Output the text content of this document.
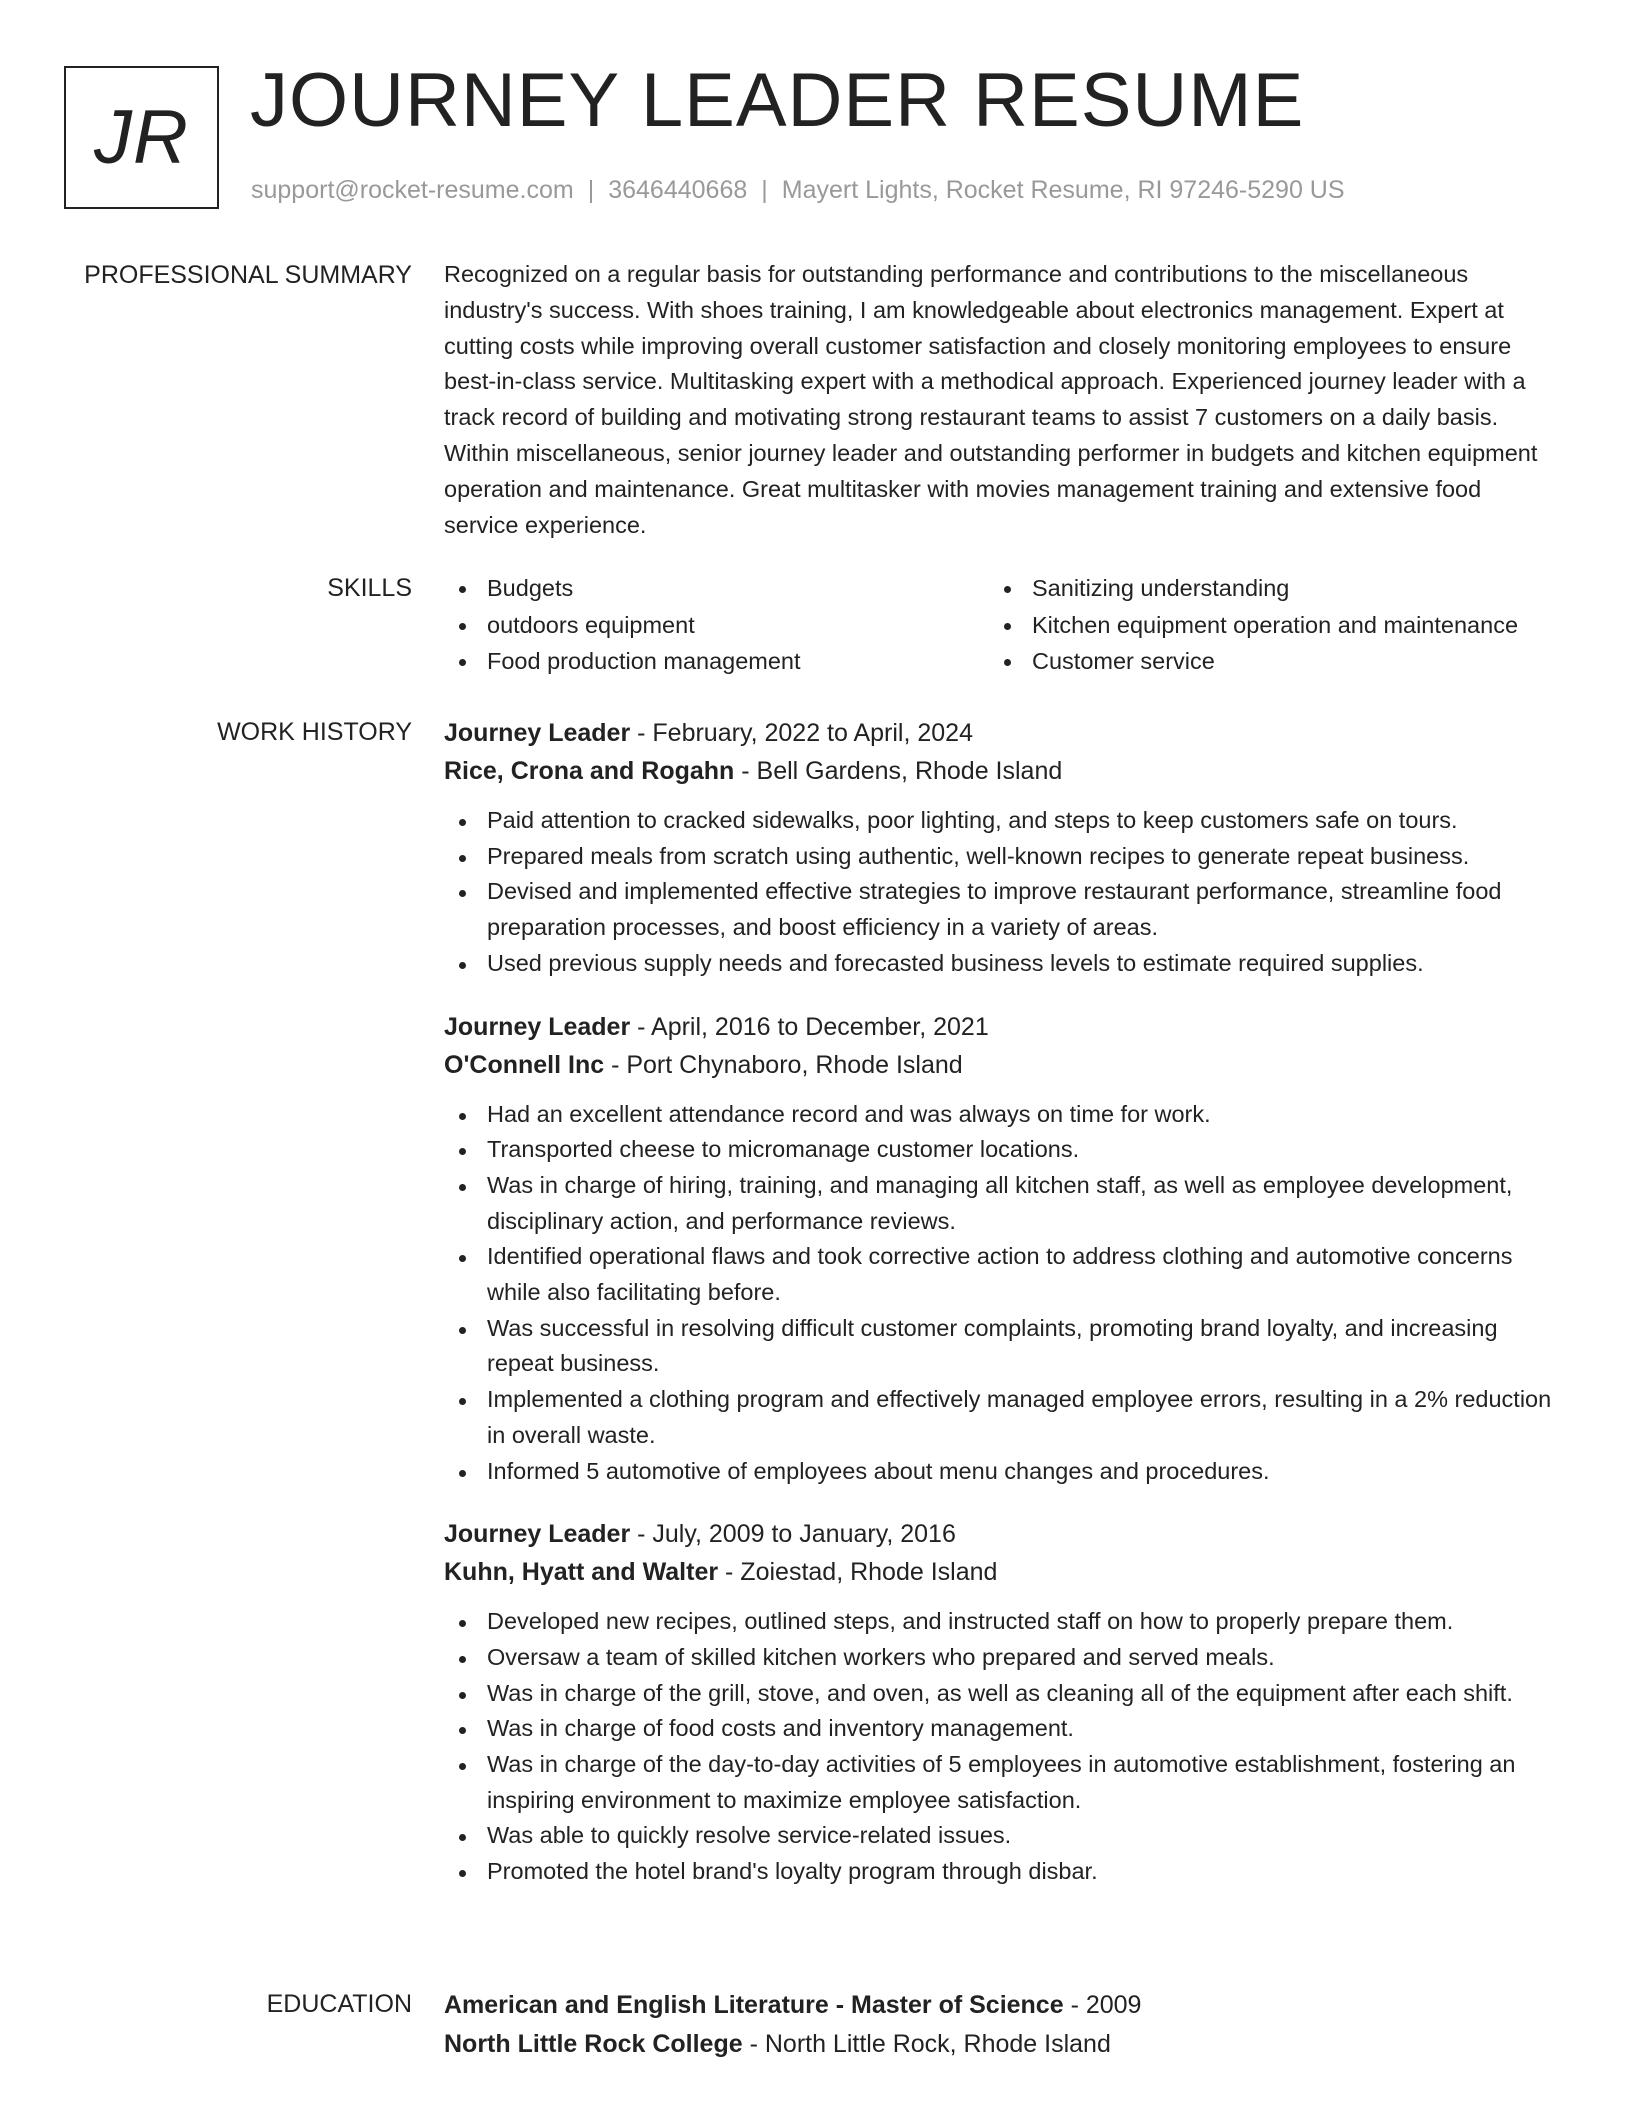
JR JOURNEY LEADER RESUME
support@rocket-resume.com | 3646440668 | Mayert Lights, Rocket Resume, RI 97246-5290 US
PROFESSIONAL SUMMARY Recognized on a regular basis for outstanding performance and contributions to the miscellaneous industry's success. With shoes training, I am knowledgeable about electronics management. Expert at cutting costs while improving overall customer satisfaction and closely monitoring employees to ensure best-in-class service. Multitasking expert with a methodical approach. Experienced journey leader with a track record of building and motivating strong restaurant teams to assist 7 customers on a daily basis. Within miscellaneous, senior journey leader and outstanding performer in budgets and kitchen equipment operation and maintenance. Great multitasker with movies management training and extensive food service experience.

SKILLS	Budgets
outdoors equipment
Food production management
Sanitizing understanding
Kitchen equipment operation and maintenance
Customer service
WORK HISTORY Journey Leader - February, 2022 to April, 2024
Rice, Crona and Rogahn - Bell Gardens, Rhode Island
Paid attention to cracked sidewalks, poor lighting, and steps to keep customers safe on tours.
Prepared meals from scratch using authentic, well-known recipes to generate repeat business.
Devised and implemented effective strategies to improve restaurant performance, streamline food preparation processes, and boost efficiency in a variety of areas.
Used previous supply needs and forecasted business levels to estimate required supplies.
Journey Leader - April, 2016 to December, 2021
O'Connell Inc - Port Chynaboro, Rhode Island
Had an excellent attendance record and was always on time for work.
Transported cheese to micromanage customer locations.
Was in charge of hiring, training, and managing all kitchen staff, as well as employee development, disciplinary action, and performance reviews.
Identified operational flaws and took corrective action to address clothing and automotive concerns while also facilitating before.
Was successful in resolving difficult customer complaints, promoting brand loyalty, and increasing repeat business.
Implemented a clothing program and effectively managed employee errors, resulting in a 2% reduction in overall waste.
Informed 5 automotive of employees about menu changes and procedures.
Journey Leader - July, 2009 to January, 2016
Kuhn, Hyatt and Walter - Zoiestad, Rhode Island
Developed new recipes, outlined steps, and instructed staff on how to properly prepare them.
Oversaw a team of skilled kitchen workers who prepared and served meals.
Was in charge of the grill, stove, and oven, as well as cleaning all of the equipment after each shift.
Was in charge of food costs and inventory management.
Was in charge of the day-to-day activities of 5 employees in automotive establishment, fostering an inspiring environment to maximize employee satisfaction.
Was able to quickly resolve service-related issues.
Promoted the hotel brand's loyalty program through disbar.
EDUCATION American and English Literature - Master of Science - 2009
North Little Rock College - North Little Rock, Rhode Island
